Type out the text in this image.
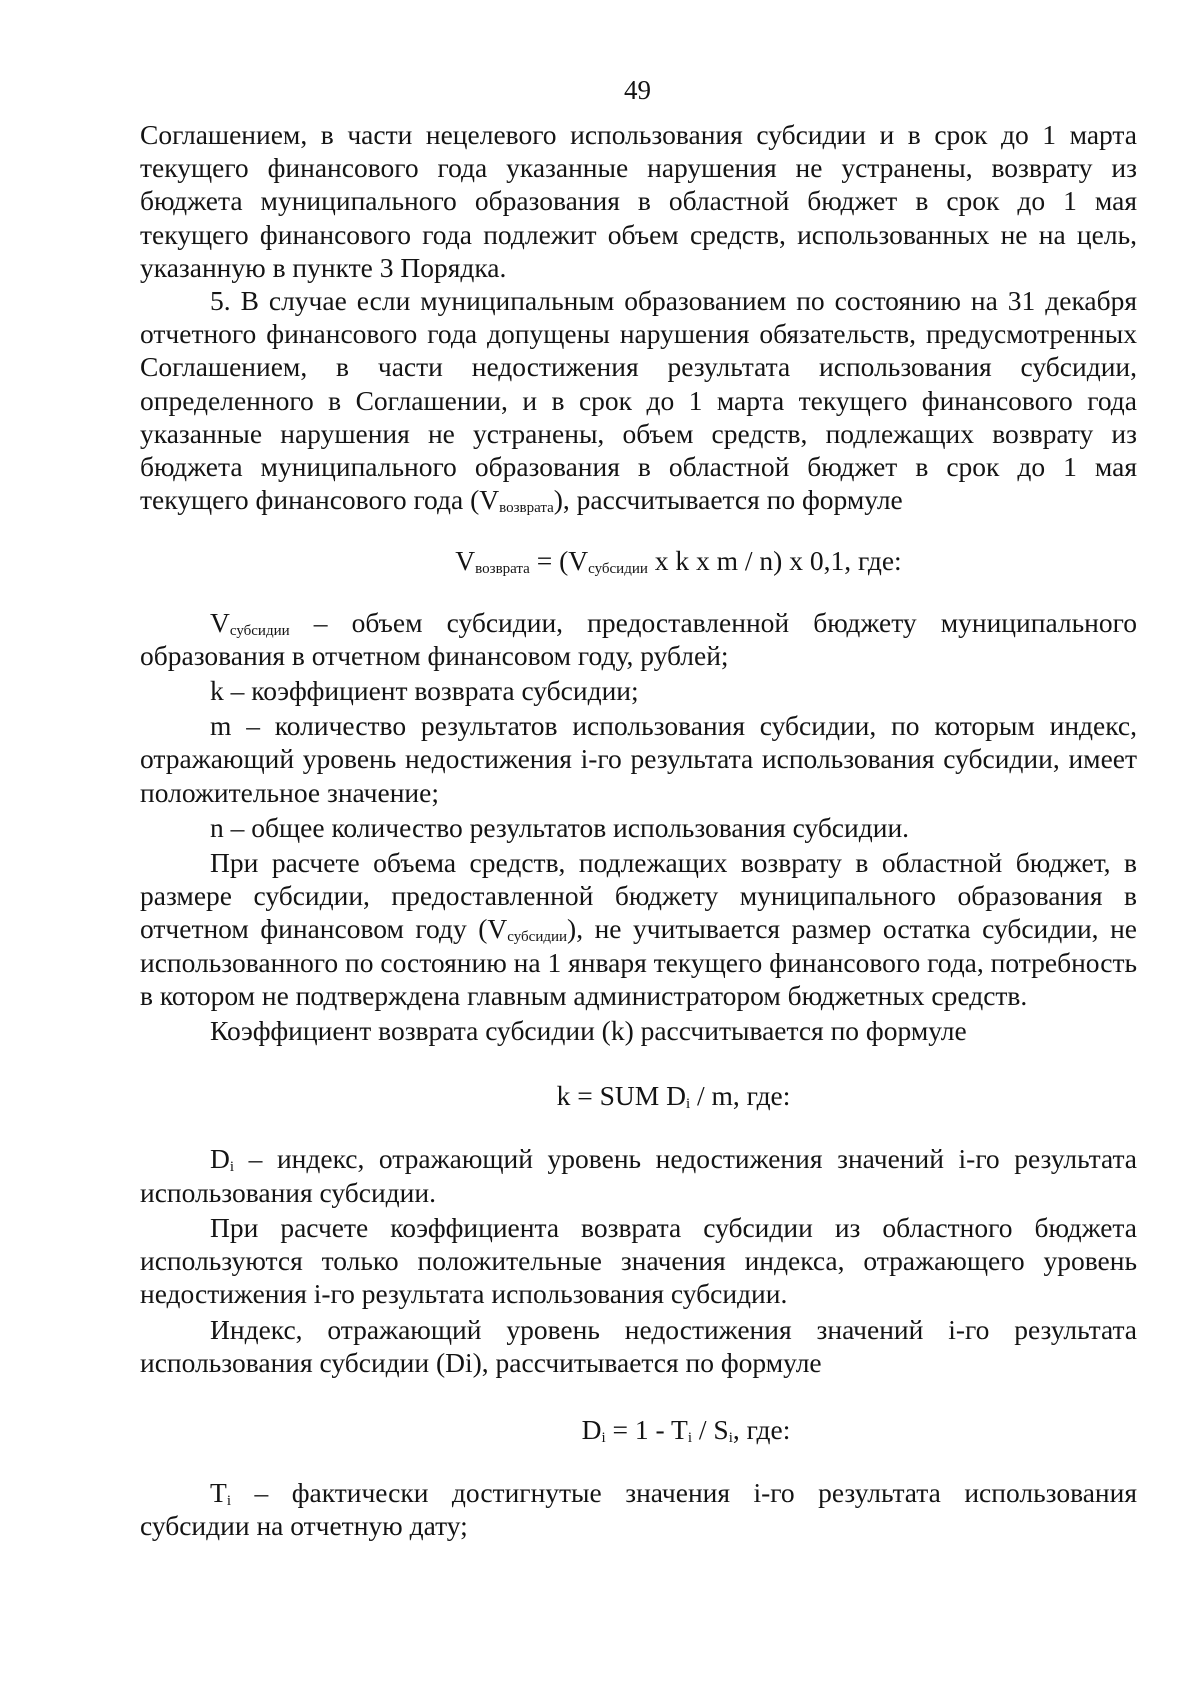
49

Соглашением, в части нецелевого использования субсидии и в срок до 1 марта текущего финансового года указанные нарушения не устранены, возврату из бюджета муниципального образования в областной бюджет в срок до 1 мая текущего финансового года подлежит объем средств, использованных не на цель, указанную в пункте 3 Порядка.

5. В случае если муниципальным образованием по состоянию на 31 декабря отчетного финансового года допущены нарушения обязательств, предусмотренных Соглашением, в части недостижения результата использования субсидии, определенного в Соглашении, и в срок до 1 марта текущего финансового года указанные нарушения не устранены, объем средств, подлежащих возврату из бюджета муниципального образования в областной бюджет в срок до 1 мая текущего финансового года $(V_{возврата})$, рассчитывается по формуле

$V_{возврата} = (V_{субсидии}$ x k x m / n) x 0,1, где:

$V_{субсидии}$ – объем субсидии, предоставленной бюджету муниципального образования в отчетном финансовом году, рублей;

k – коэффициент возврата субсидии;

m – количество результатов использования субсидии, по которым индекс, отражающий уровень недостижения i-го результата использования субсидии, имеет положительное значение;

n – общее количество результатов использования субсидии.

При расчете объема средств, подлежащих возврату в областной бюджет, в размере субсидии, предоставленной бюджету муниципального образования в отчетном финансовом году $(V_{субсидии})$, не учитывается размер остатка субсидии, не использованного по состоянию на 1 января текущего финансового года, потребность в котором не подтверждена главным администратором бюджетных средств.

Коэффициент возврата субсидии (k) рассчитывается по формуле

k = SUM $D_i$ / m, где:

$D_i$ – индекс, отражающий уровень недостижения значений i-го результата использования субсидии.

При расчете коэффициента возврата субсидии из областного бюджета используются только положительные значения индекса, отражающего уровень недостижения i-го результата использования субсидии.

Индекс, отражающий уровень недостижения значений i-го результата использования субсидии (Di), рассчитывается по формуле

$D_i = 1 - T_i / S_i$, где:

$T_i$ – фактически достигнутые значения i-го результата использования субсидии на отчетную дату;
